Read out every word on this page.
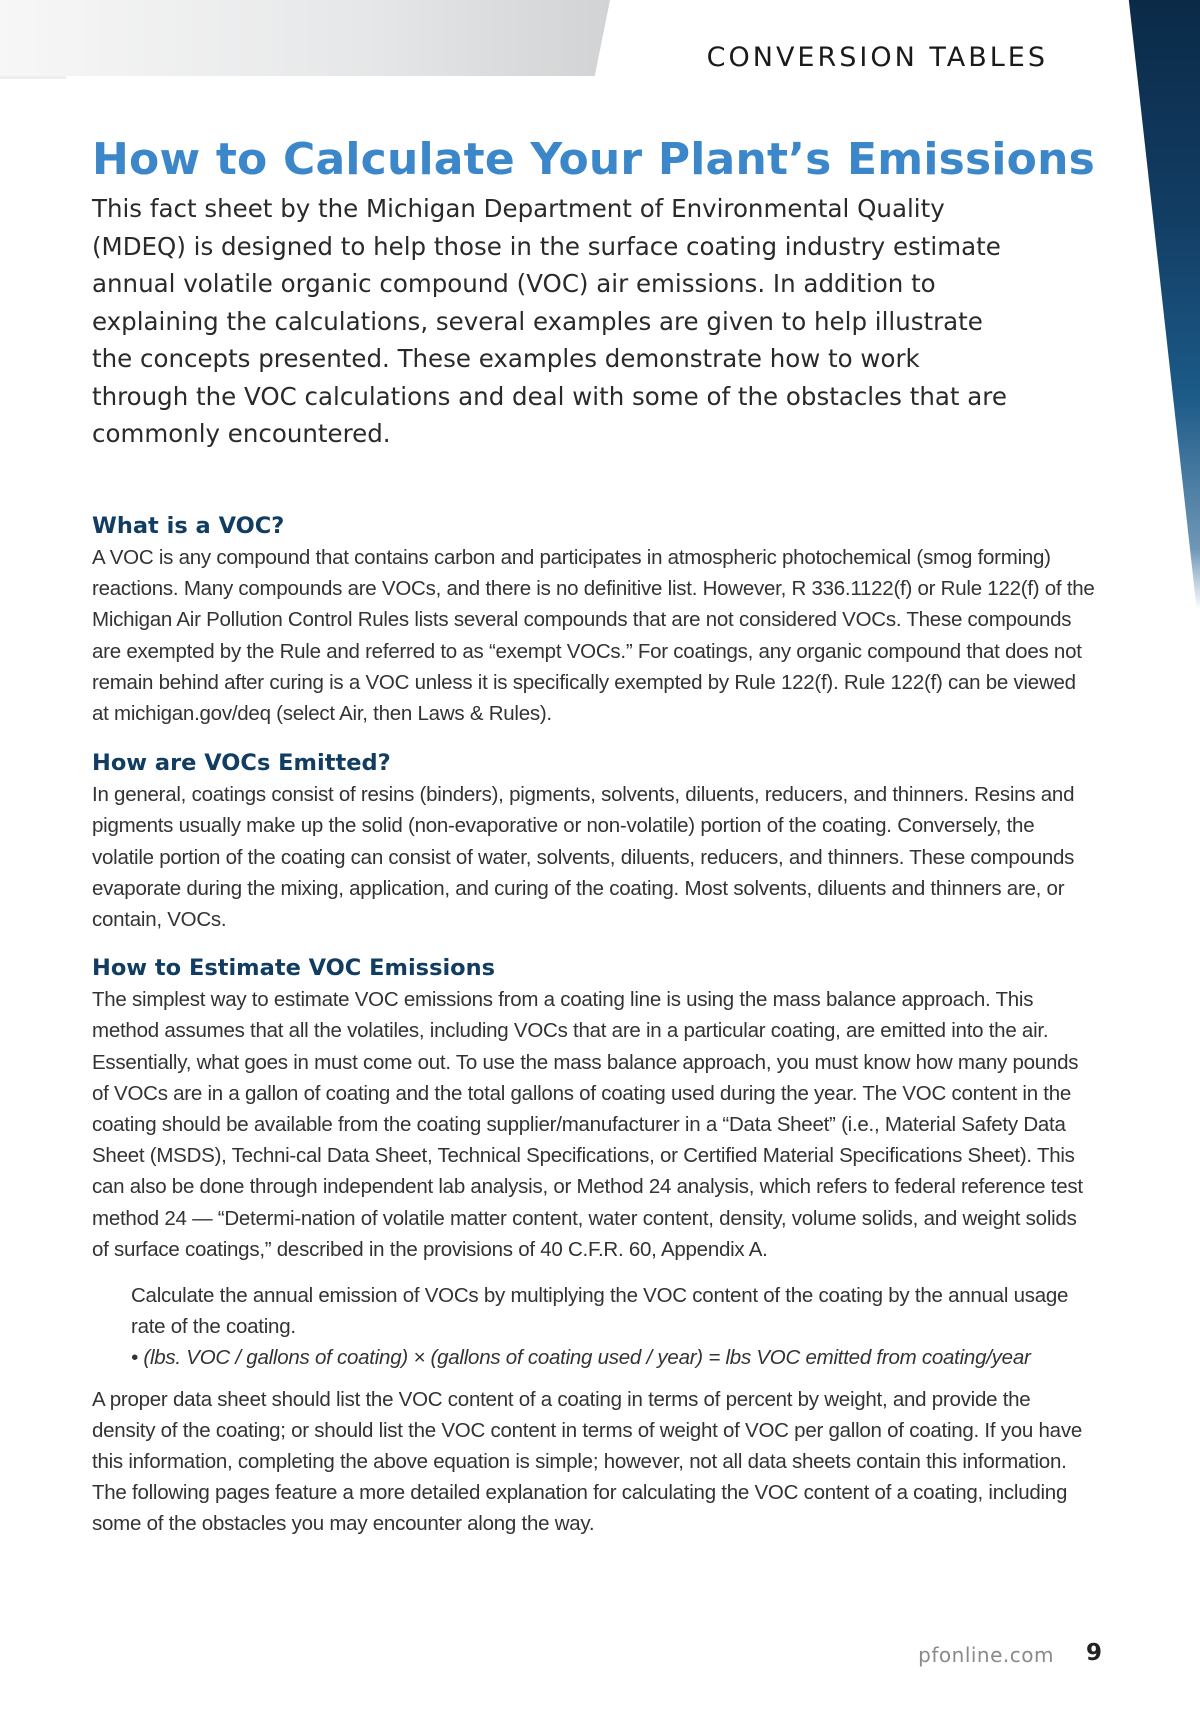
CONVERSION TABLES
How to Calculate Your Plant’s Emissions

This fact sheet by the Michigan Department of Environmental Quality (MDEQ) is designed to help those in the surface coating industry estimate annual volatile organic compound (VOC) air emissions. In addition to explaining the calculations, several examples are given to help illustrate the concepts presented. These examples demonstrate how to work through the VOC calculations and deal with some of the obstacles that are commonly encountered.

What is a VOC?

A VOC is any compound that contains carbon and participates in atmospheric photochemical (smog forming) reactions. Many compounds are VOCs, and there is no definitive list. However, R 336.1122(f) or Rule 122(f) of the Michigan Air Pollution Control Rules lists several compounds that are not considered VOCs. These compounds are exempted by the Rule and referred to as “exempt VOCs.” For coatings, any organic compound that does not remain behind after curing is a VOC unless it is specifically exempted by Rule 122(f). Rule 122(f) can be viewed at michigan.gov/deq (select Air, then Laws & Rules).

How are VOCs Emitted?

In general, coatings consist of resins (binders), pigments, solvents, diluents, reducers, and thinners. Resins and pigments usually make up the solid (non-evaporative or non-volatile) portion of the coating. Conversely, the volatile portion of the coating can consist of water, solvents, diluents, reducers, and thinners. These compounds evaporate during the mixing, application, and curing of the coating. Most solvents, diluents and thinners are, or contain, VOCs.

How to Estimate VOC Emissions

The simplest way to estimate VOC emissions from a coating line is using the mass balance approach. This method assumes that all the volatiles, including VOCs that are in a particular coating, are emitted into the air. Essentially, what goes in must come out. To use the mass balance approach, you must know how many pounds of VOCs are in a gallon of coating and the total gallons of coating used during the year. The VOC content in the coating should be available from the coating supplier/manufacturer in a “Data Sheet” (i.e., Material Safety Data Sheet (MSDS), Techni-cal Data Sheet, Technical Specifications, or Certified Material Specifications Sheet). This can also be done through independent lab analysis, or Method 24 analysis, which refers to federal reference test method 24 — “Determi-nation of volatile matter content, water content, density, volume solids, and weight solids of surface coatings,” described in the provisions of 40 C.F.R. 60, Appendix A.

Calculate the annual emission of VOCs by multiplying the VOC content of the coating by the annual usage rate of the coating.

• (lbs. VOC / gallons of coating) × (gallons of coating used / year) = lbs VOC emitted from coating/year

A proper data sheet should list the VOC content of a coating in terms of percent by weight, and provide the density of the coating; or should list the VOC content in terms of weight of VOC per gallon of coating. If you have this information, completing the above equation is simple; however, not all data sheets contain this information. The following pages feature a more detailed explanation for calculating the VOC content of a coating, including some of the obstacles you may encounter along the way.

pfonline.com 9
